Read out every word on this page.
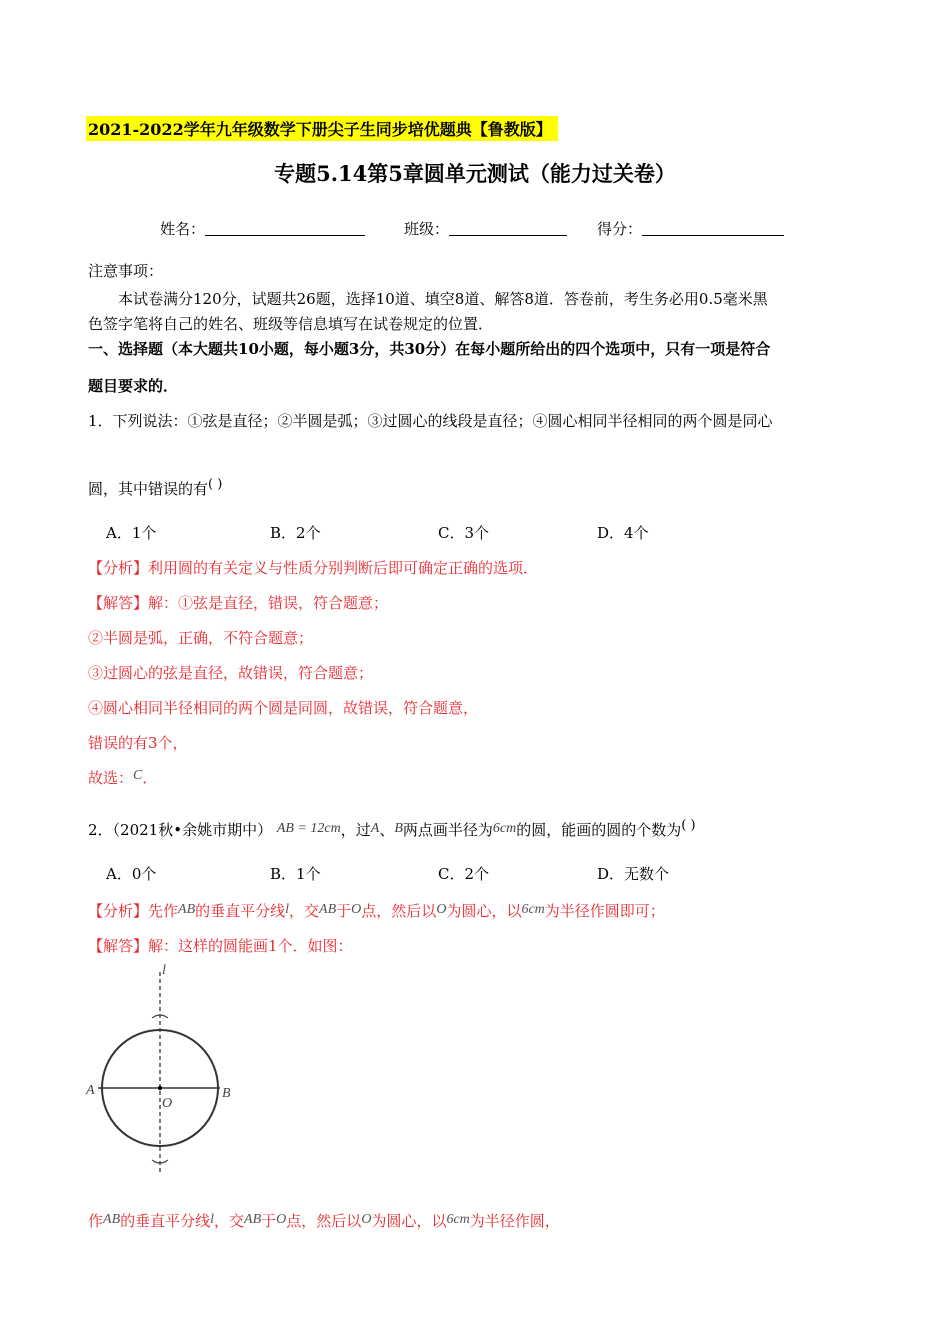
2021-2022学年九年级数学下册尖子生同步培优题典【鲁教版】
专题5.14第5章圆单元测试（能力过关卷）
姓名：	班级：	得分：
注意事项：
本试卷满分120分，试题共26题，选择10道、填空8道、解答8道．答卷前，考生务必用0.5毫米黑
色签字笔将自己的姓名、班级等信息填写在试卷规定的位置．
一、选择题（本大题共10小题，每小题3分，共30分）在每小题所给出的四个选项中，只有一项是符合
题目要求的．
1．下列说法：①弦是直径；②半圆是弧；③过圆心的线段是直径；④圆心相同半径相同的两个圆是同心
圆，其中错误的有( )
A．1个	B．2个	C．3个	D．4个
【分析】利用圆的有关定义与性质分别判断后即可确定正确的选项．
【解答】解：①弦是直径，错误，符合题意；
②半圆是弧，正确，不符合题意；
③过圆心的弦是直径，故错误，符合题意；
④圆心相同半径相同的两个圆是同圆，故错误，符合题意，
错误的有3个，
故选：C．
2．（2021秋•余姚市期中） AB = 12cm，过A、B两点画半径为6cm的圆，能画的圆的个数为( )
A．0个	B．1个	C．2个	D．无数个
【分析】先作AB的垂直平分线l，交AB于O点，然后以O为圆心，以6cm为半径作圆即可；
【解答】解：这样的圆能画1个．如图：
l
A	B
O
作AB的垂直平分线l，交AB于O点，然后以O为圆心，以6cm为半径作圆，
